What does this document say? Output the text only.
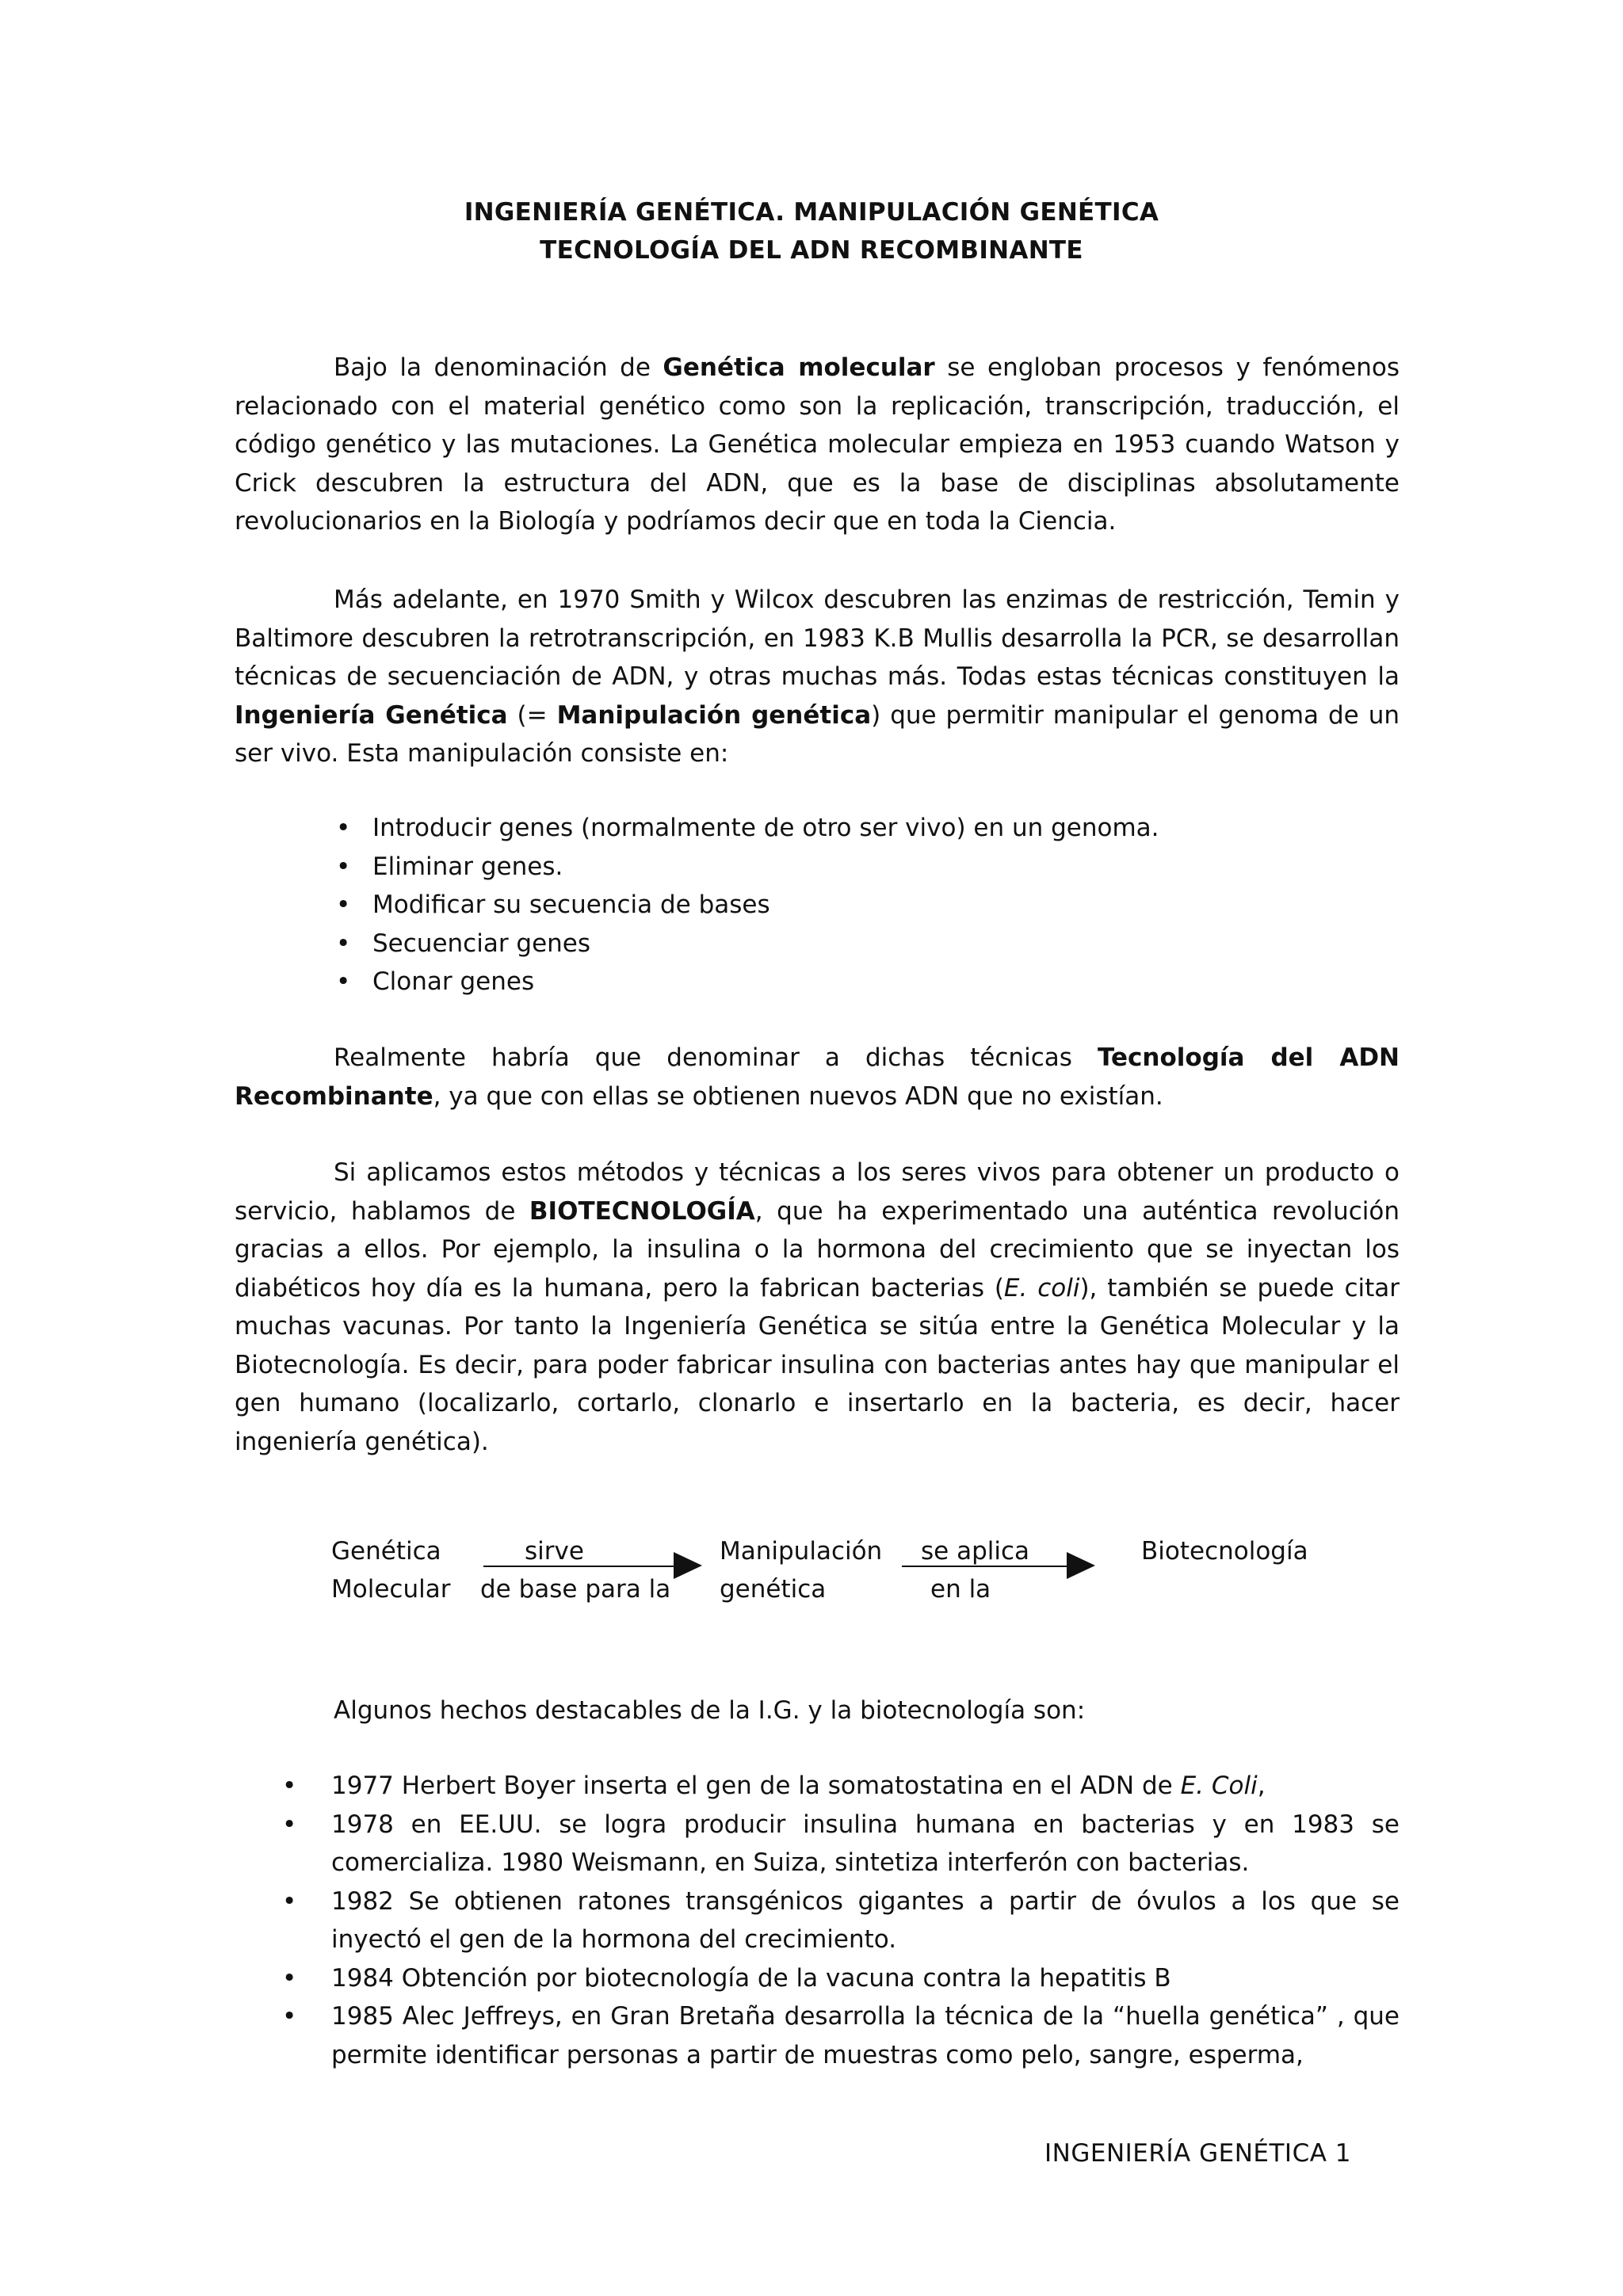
INGENIERÍA GENÉTICA. MANIPULACIÓN GENÉTICA
TECNOLOGÍA DEL ADN RECOMBINANTE

Bajo la denominación de Genética molecular se engloban procesos y fenómenos relacionado con el material genético como son la replicación, transcripción, traducción, el código genético y las mutaciones. La Genética molecular empieza en 1953 cuando Watson y Crick descubren la estructura del ADN, que es la base de disciplinas absolutamente revolucionarios en la Biología y podríamos decir que en toda la Ciencia.

Más adelante, en 1970 Smith y Wilcox descubren las enzimas de restricción, Temin y Baltimore descubren la retrotranscripción, en 1983 K.B Mullis desarrolla la PCR, se desarrollan técnicas de secuenciación de ADN, y otras muchas más. Todas estas técnicas constituyen la Ingeniería Genética (= Manipulación genética) que permitir manipular el genoma de un ser vivo. Esta manipulación consiste en:

• Introducir genes (normalmente de otro ser vivo) en un genoma.
• Eliminar genes.
• Modificar su secuencia de bases
• Secuenciar genes
• Clonar genes

Realmente habría que denominar a dichas técnicas Tecnología del ADN Recombinante, ya que con ellas se obtienen nuevos ADN que no existían.

Si aplicamos estos métodos y técnicas a los seres vivos para obtener un producto o servicio, hablamos de BIOTECNOLOGÍA, que ha experimentado una auténtica revolución gracias a ellos. Por ejemplo, la insulina o la hormona del crecimiento que se inyectan los diabéticos hoy día es la humana, pero la fabrican bacterias (E. coli), también se puede citar muchas vacunas. Por tanto la Ingeniería Genética se sitúa entre la Genética Molecular y la Biotecnología. Es decir, para poder fabricar insulina con bacterias antes hay que manipular el gen humano (localizarlo, cortarlo, clonarlo e insertarlo en la bacteria, es decir, hacer ingeniería genética).

Genética
Molecular
sirve
de base para la
Manipulación
genética
se aplica
en la
Biotecnología

Algunos hechos destacables de la I.G. y la biotecnología son:

• 1977 Herbert Boyer inserta el gen de la somatostatina en el ADN de E. Coli,
• 1978 en EE.UU. se logra producir insulina humana en bacterias y en 1983 se comercializa. 1980 Weismann, en Suiza, sintetiza interferón con bacterias.
• 1982 Se obtienen ratones transgénicos gigantes a partir de óvulos a los que se inyectó el gen de la hormona del crecimiento.
• 1984 Obtención por biotecnología de la vacuna contra la hepatitis B
• 1985 Alec Jeffreys, en Gran Bretaña desarrolla la técnica de la “huella genética” , que permite identificar personas a partir de muestras como pelo, sangre, esperma,
INGENIERÍA GENÉTICA 1
